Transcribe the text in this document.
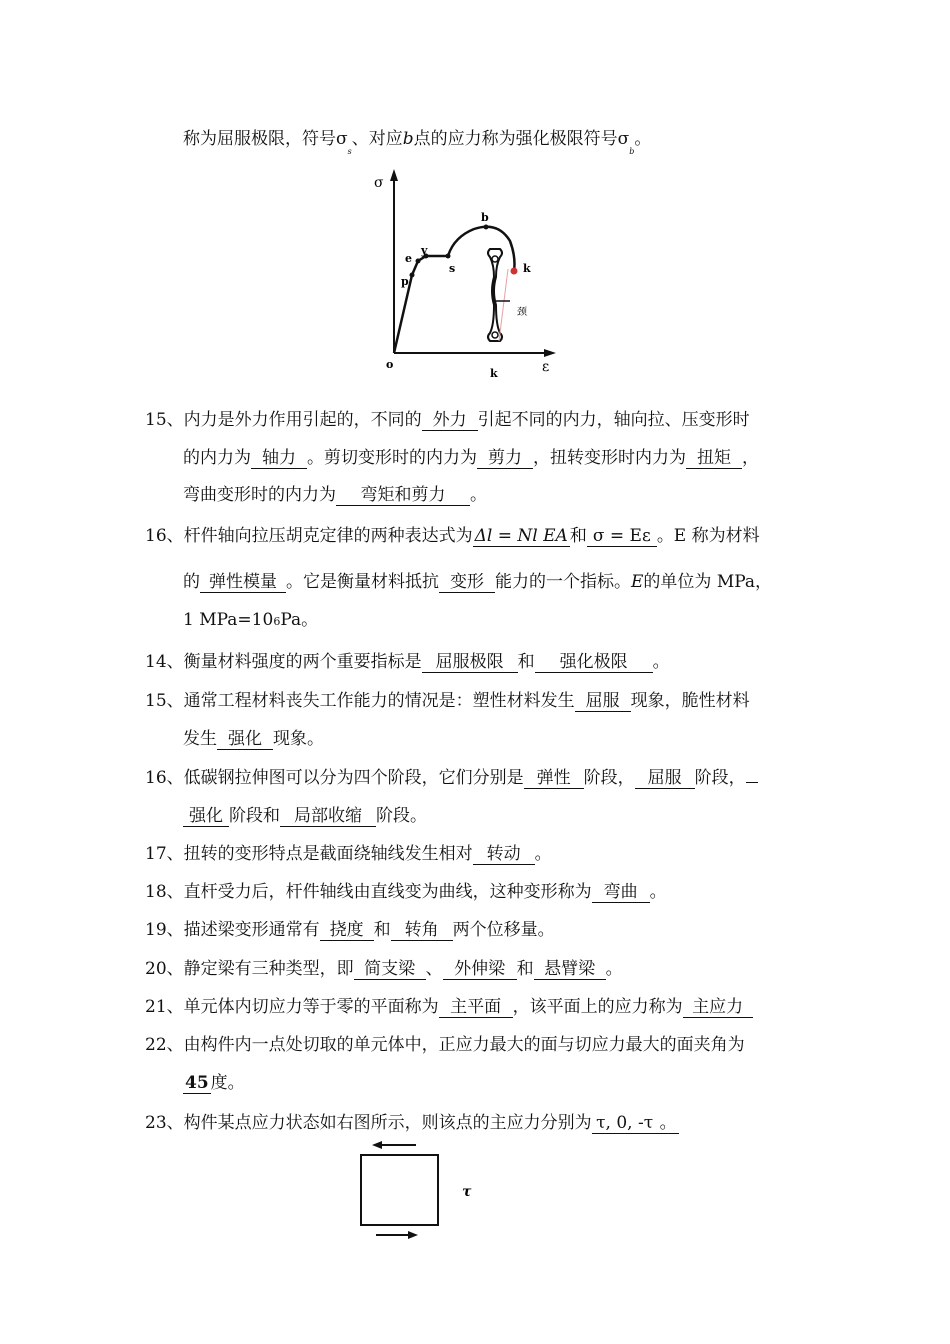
称为屈服极限，符号$\sigma_s$、对应b点的应力称为强化极限符号$\sigma_b$。
σ
ε
o
p
e
y
s
b
k
k
颈
15、内力是外力作用引起的，不同的 外力 引起不同的内力，轴向拉、压变形时
的内力为 轴力 。剪切变形时的内力为 剪力 ，扭转变形时内力为 扭矩 ，
弯曲变形时的内力为 弯矩和剪力 。
16、杆件轴向拉压胡克定律的两种表达式为 Δl = Nl EA 和 σ = Eε 。E 称为材料
的 弹性模量 。它是衡量材料抵抗 变形 能力的一个指标。E的单位为 MPa，
1 MPa=106Pa。
14、衡量材料强度的两个重要指标是 屈服极限 和 强化极限 。
15、通常工程材料丧失工作能力的情况是：塑性材料发生 屈服 现象，脆性材料
发生 强化 现象。
16、低碳钢拉伸图可以分为四个阶段，它们分别是 弹性 阶段， 屈服 阶段，
强化 阶段和 局部收缩 阶段。
17、扭转的变形特点是截面绕轴线发生相对 转动 。
18、直杆受力后，杆件轴线由直线变为曲线，这种变形称为 弯曲 。
19、描述梁变形通常有 挠度 和 转角 两个位移量。
20、静定梁有三种类型，即 简支梁 、 外伸梁 和 悬臂梁 。
21、单元体内切应力等于零的平面称为 主平面 ，该平面上的应力称为 主应力
22、由构件内一点处切取的单元体中，正应力最大的面与切应力最大的面夹角为
45 度。
23、构件某点应力状态如右图所示，则该点的主应力分别为 τ, 0, -τ 。
τ
